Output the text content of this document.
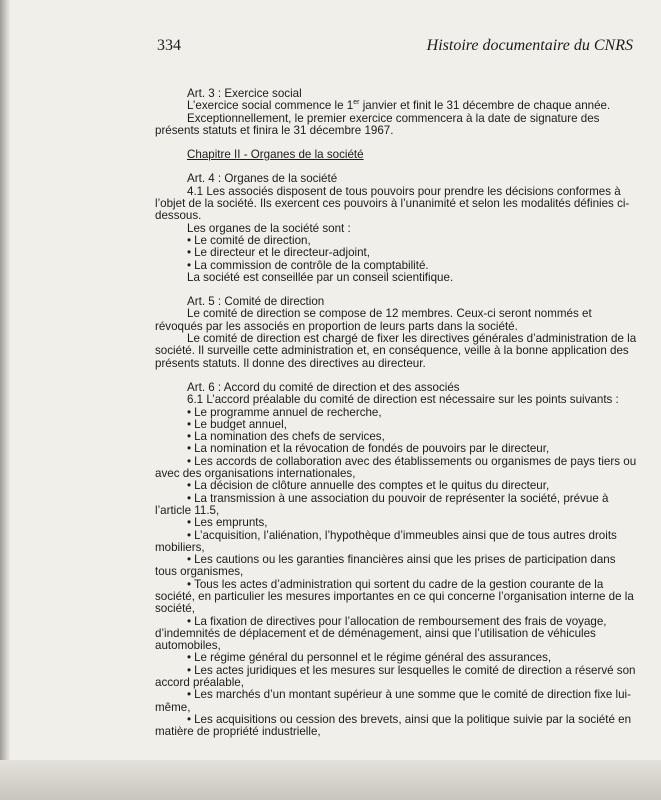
334	Histoire documentaire du CNRS

Art. 3 : Exercice social

L’exercice social commence le 1er janvier et finit le 31 décembre de chaque année.

Exceptionnellement, le premier exercice commencera à la date de signature des présents statuts et finira le 31 décembre 1967.

Chapitre II - Organes de la société

Art. 4 : Organes de la société

4.1 Les associés disposent de tous pouvoirs pour prendre les décisions conformes à l’objet de la société. Ils exercent ces pouvoirs à l’unanimité et selon les modalités définies ci-dessous.

Les organes de la société sont :

• Le comité de direction,

• Le directeur et le directeur-adjoint,

• La commission de contrôle de la comptabilité.

La société est conseillée par un conseil scientifique.

Art. 5 : Comité de direction

Le comité de direction se compose de 12 membres. Ceux-ci seront nommés et révoqués par les associés en proportion de leurs parts dans la société.

Le comité de direction est chargé de fixer les directives générales d’administration de la société. Il surveille cette administration et, en conséquence, veille à la bonne application des présents statuts. Il donne des directives au directeur.

Art. 6 : Accord du comité de direction et des associés

6.1 L’accord préalable du comité de direction est nécessaire sur les points suivants :

• Le programme annuel de recherche,

• Le budget annuel,

• La nomination des chefs de services,

• La nomination et la révocation de fondés de pouvoirs par le directeur,

• Les accords de collaboration avec des établissements ou organismes de pays tiers ou avec des organisations internationales,

• La décision de clôture annuelle des comptes et le quitus du directeur,

• La transmission à une association du pouvoir de représenter la société, prévue à l’article 11.5,

• Les emprunts,

• L’acquisition, l’aliénation, l’hypothèque d’immeubles ainsi que de tous autres droits mobiliers,

• Les cautions ou les garanties financières ainsi que les prises de participation dans tous organismes,

• Tous les actes d’administration qui sortent du cadre de la gestion courante de la société, en particulier les mesures importantes en ce qui concerne l’organisation interne de la société,

• La fixation de directives pour l’allocation de remboursement des frais de voyage, d’indemnités de déplacement et de déménagement, ainsi que l’utilisation de véhicules automobiles,

• Le régime général du personnel et le régime général des assurances,

• Les actes juridiques et les mesures sur lesquelles le comité de direction a réservé son accord préalable,

• Les marchés d’un montant supérieur à une somme que le comité de direction fixe lui-même,

• Les acquisitions ou cession des brevets, ainsi que la politique suivie par la société en matière de propriété industrielle,
